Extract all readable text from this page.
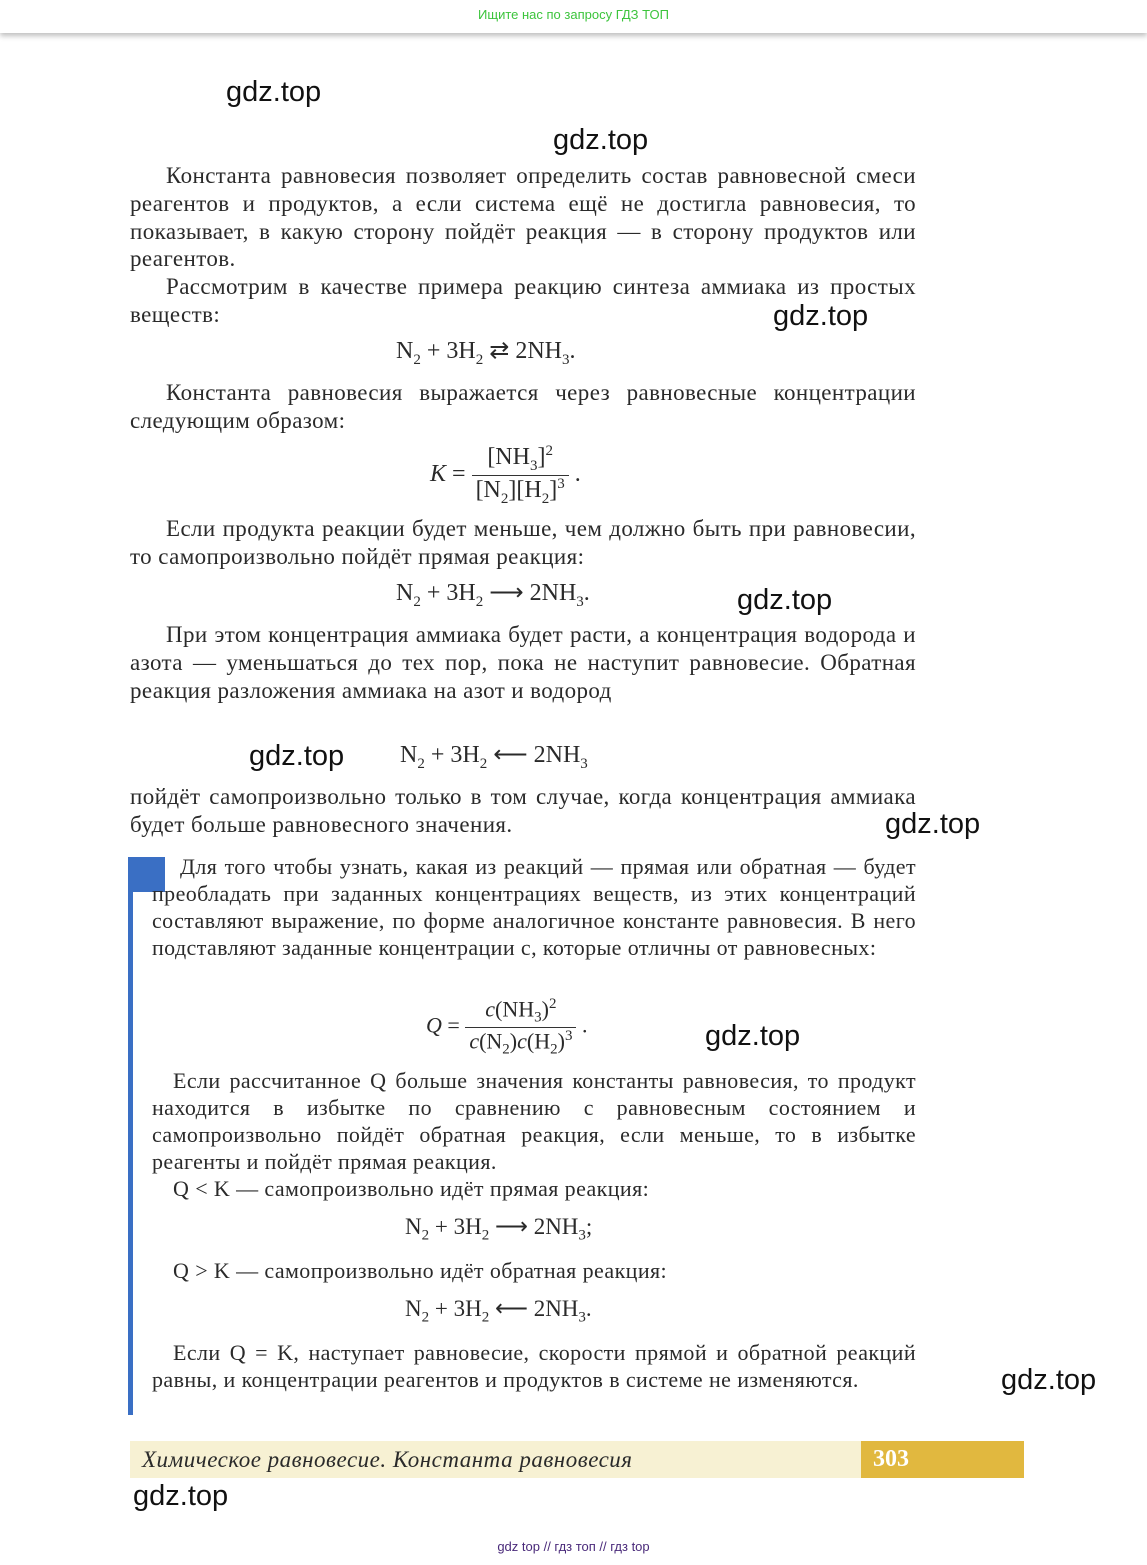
Ищите нас по запросу ГДЗ ТОП
gdz.top
gdz.top
gdz.top
gdz.top
gdz.top
gdz.top
gdz.top
gdz.top
gdz.top
Константа равновесия позволяет определить состав равновесной смеси реагентов и продуктов, а если система ещё не достигла равновесия, то показывает, в какую сторону пойдёт реакция — в сторону продуктов или реагентов.
Рассмотрим в качестве примера реакцию синтеза аммиака из простых веществ:
$N_2 + 3H_2$ ⇄ $2NH_3$.
Константа равновесия выражается через равновесные концентрации следующим образом:
$K = \frac{[NH_3]^2}{[N_2][H_2]^3}$ .
Если продукта реакции будет меньше, чем должно быть при равновесии, то самопроизвольно пойдёт прямая реакция:
$N_2 + 3H_2$ ⟶ $2NH_3$.
При этом концентрация аммиака будет расти, а концентрация водорода и азота — уменьшаться до тех пор, пока не наступит равновесие. Обратная реакция разложения аммиака на азот и водород
$N_2 + 3H_2$ ⟵ $2NH_3$
пойдёт самопроизвольно только в том случае, когда концентрация аммиака будет больше равновесного значения.
Для того чтобы узнать, какая из реакций — прямая или обратная — будет преобладать при заданных концентрациях веществ, из этих концентраций составляют выражение, по форме аналогичное константе равновесия. В него подставляют заданные концентрации c, которые отличны от равновесных:
$Q = \frac{c(NH_3)^2}{c(N_2)c(H_2)^3}$ .
Если рассчитанное Q больше значения константы равновесия, то продукт находится в избытке по сравнению с равновесным состоянием и самопроизвольно пойдёт обратная реакция, если меньше, то в избытке реагенты и пойдёт прямая реакция.
Q < K — самопроизвольно идёт прямая реакция:
$N_2 + 3H_2$ ⟶ $2NH_3$;
Q > K — самопроизвольно идёт обратная реакция:
$N_2 + 3H_2$ ⟵ $2NH_3$.
Если Q = K, наступает равновесие, скорости прямой и обратной реакций равны, и концентрации реагентов и продуктов в системе не изменяются.
Химическое равновесие. Константа равновесия	303
gdz top // гдз топ // гдз top
